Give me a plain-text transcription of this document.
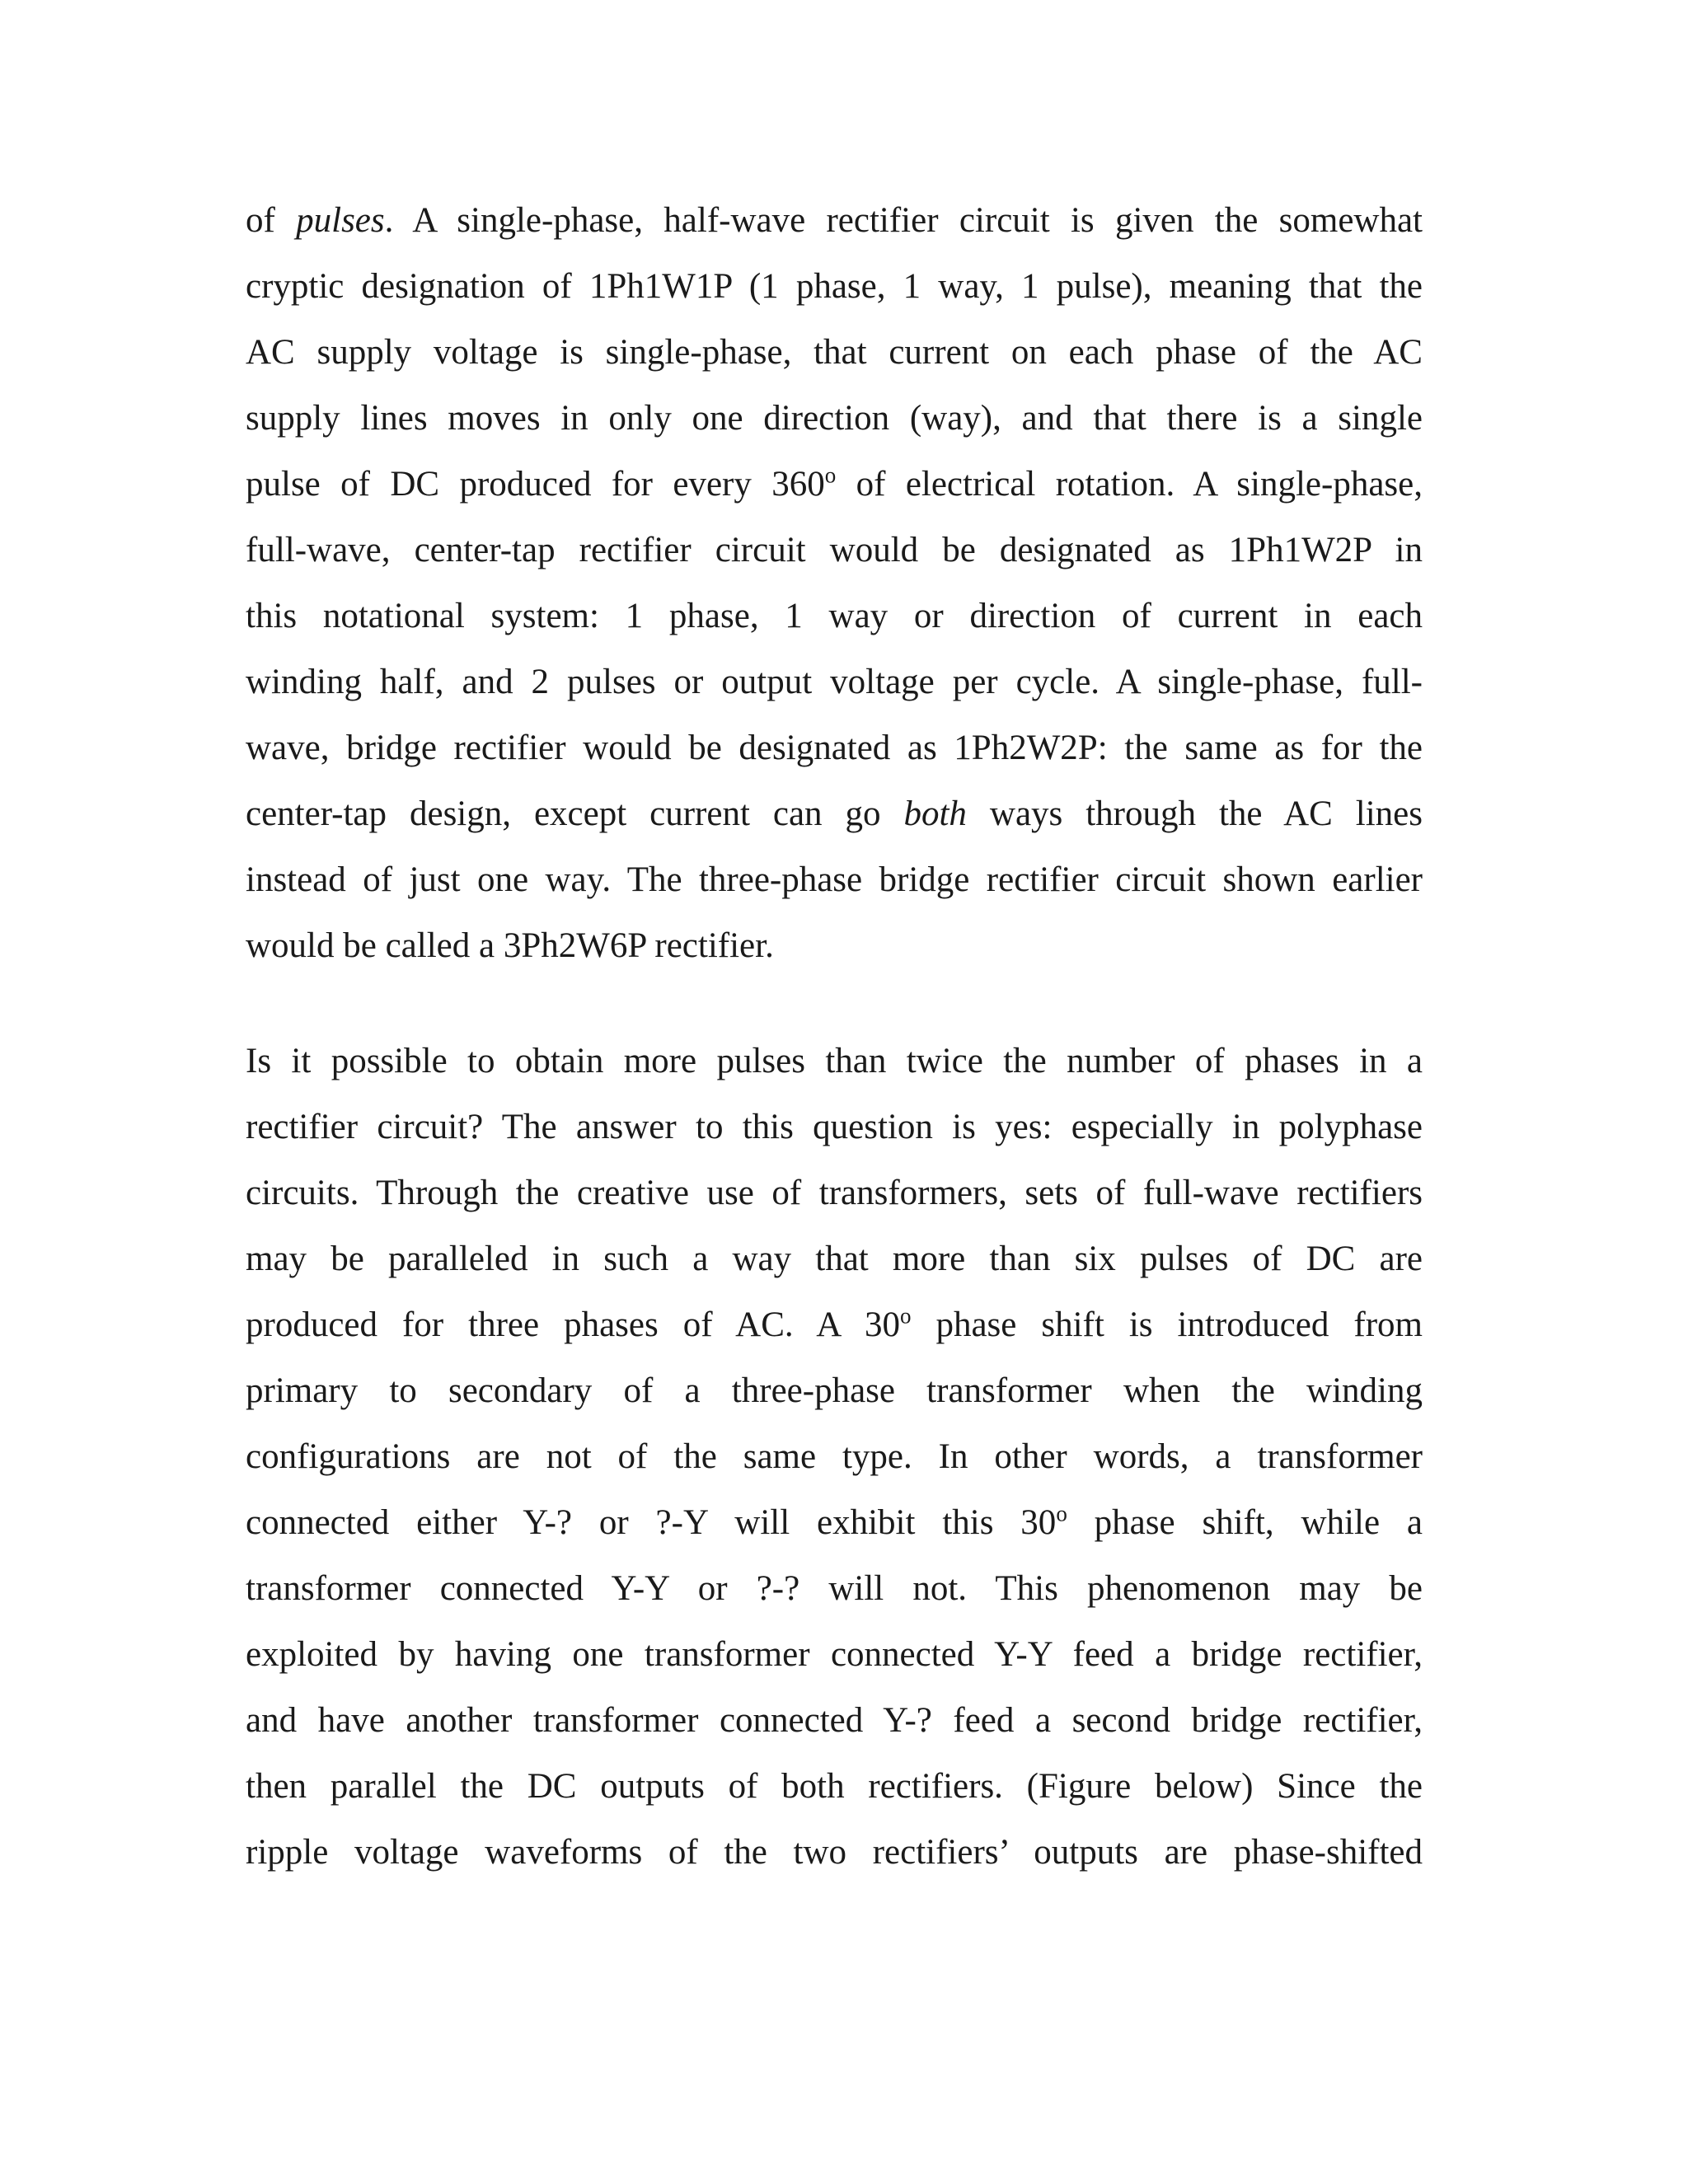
of pulses. A single-phase, half-wave rectifier circuit is given the somewhat
cryptic designation of 1Ph1W1P (1 phase, 1 way, 1 pulse), meaning that the
AC supply voltage is single-phase, that current on each phase of the AC
supply lines moves in only one direction (way), and that there is a single
pulse of DC produced for every 360$^o$ of electrical rotation. A single-phase,
full-wave, center-tap rectifier circuit would be designated as 1Ph1W2P in
this notational system: 1 phase, 1 way or direction of current in each
winding half, and 2 pulses or output voltage per cycle. A single-phase, full-
wave, bridge rectifier would be designated as 1Ph2W2P: the same as for the
center-tap design, except current can go both ways through the AC lines
instead of just one way. The three-phase bridge rectifier circuit shown earlier
would be called a 3Ph2W6P rectifier.
Is it possible to obtain more pulses than twice the number of phases in a
rectifier circuit? The answer to this question is yes: especially in polyphase
circuits. Through the creative use of transformers, sets of full-wave rectifiers
may be paralleled in such a way that more than six pulses of DC are
produced for three phases of AC. A 30$^o$ phase shift is introduced from
primary to secondary of a three-phase transformer when the winding
configurations are not of the same type. In other words, a transformer
connected either Y-? or ?-Y will exhibit this 30$^o$ phase shift, while a
transformer connected Y-Y or ?-? will not. This phenomenon may be
exploited by having one transformer connected Y-Y feed a bridge rectifier,
and have another transformer connected Y-? feed a second bridge rectifier,
then parallel the DC outputs of both rectifiers. (Figure below) Since the
ripple voltage waveforms of the two rectifiers’ outputs are phase-shifted
